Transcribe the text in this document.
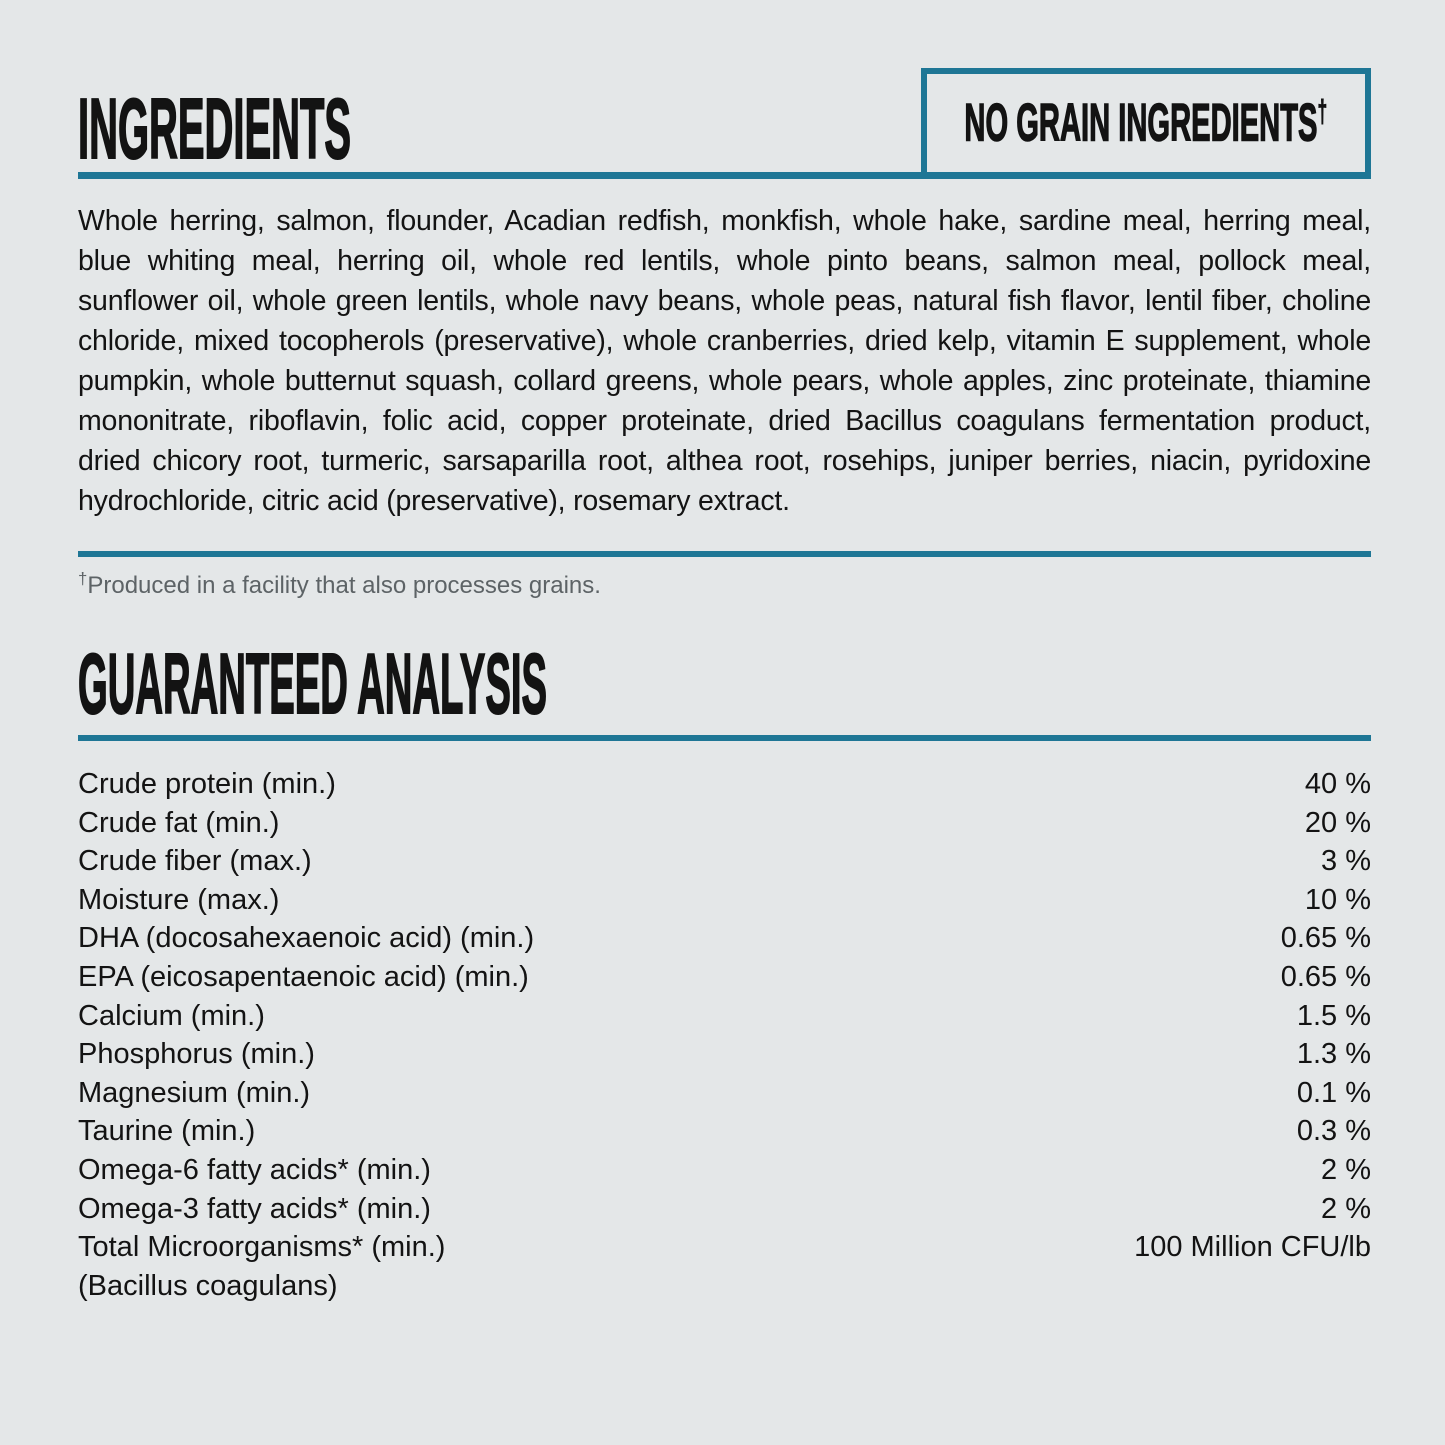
INGREDIENTS	NO GRAIN INGREDIENTS†

Whole herring, salmon, flounder, Acadian redfish, monkfish, whole hake, sardine meal, herring meal, blue whiting meal, herring oil, whole red lentils, whole pinto beans, salmon meal, pollock meal, sunflower oil, whole green lentils, whole navy beans, whole peas, natural fish flavor, lentil fiber, choline chloride, mixed tocopherols (preservative), whole cranberries, dried kelp, vitamin E supplement, whole pumpkin, whole butternut squash, collard greens, whole pears, whole apples, zinc proteinate, thiamine mononitrate, riboflavin, folic acid, copper proteinate, dried Bacillus coagulans fermentation product, dried chicory root, turmeric, sarsaparilla root, althea root, rosehips, juniper berries, niacin, pyridoxine hydrochloride, citric acid (preservative), rosemary extract.

†Produced in a facility that also processes grains.

GUARANTEED ANALYSIS
Crude protein (min.)	40 %
Crude fat (min.)	20 %
Crude fiber (max.)	3 %
Moisture (max.)	10 %
DHA (docosahexaenoic acid) (min.)	0.65 %
EPA (eicosapentaenoic acid) (min.)	0.65 %
Calcium (min.)	1.5 %
Phosphorus (min.)	1.3 %
Magnesium (min.)	0.1 %
Taurine (min.)	0.3 %
Omega-6 fatty acids* (min.)	2 %
Omega-3 fatty acids* (min.)	2 %
Total Microorganisms* (min.)	100 Million CFU/lb
(Bacillus coagulans)
